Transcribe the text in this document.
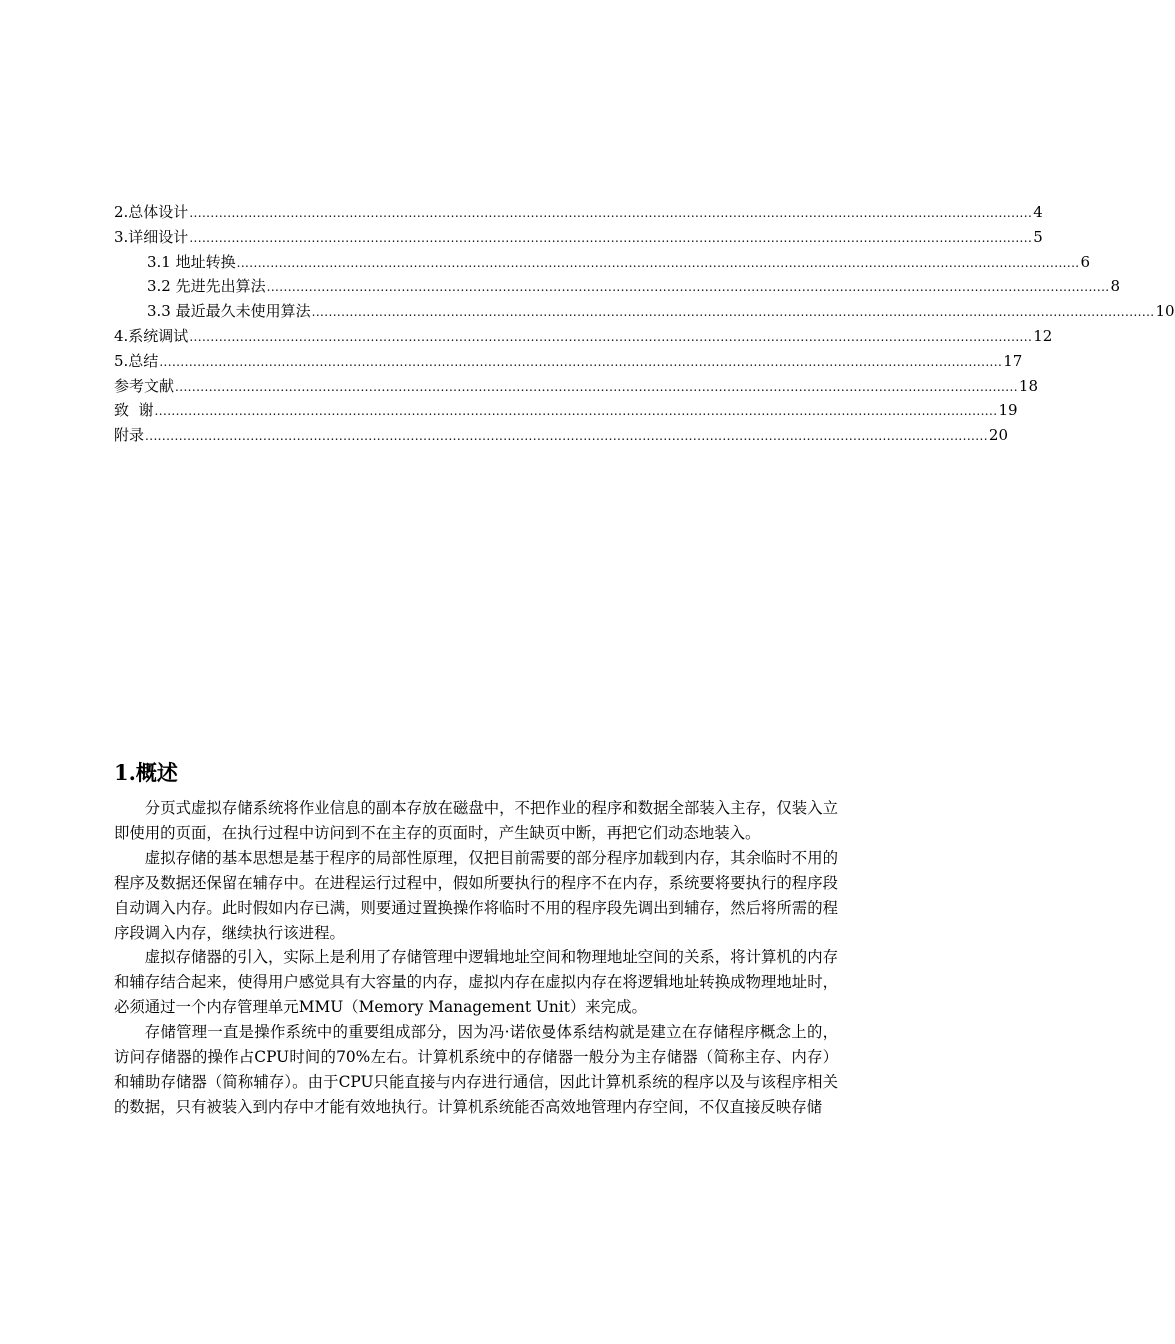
2.总体设计 ........................................................................................................................................................................................................ 4
3.详细设计 ........................................................................................................................................................................................................ 5
3.1 地址转换 ........................................................................................................................................................................................................ 6
3.2 先进先出算法 ........................................................................................................................................................................................................ 8
3.3 最近最久未使用算法 ........................................................................................................................................................................................................ 10
4.系统调试 ........................................................................................................................................................................................................ 12
5.总结 ........................................................................................................................................................................................................ 17
参考文献 ........................................................................................................................................................................................................ 18
致  谢 ........................................................................................................................................................................................................ 19
附录 ........................................................................................................................................................................................................ 20
1.概述

分页式虚拟存储系统将作业信息的副本存放在磁盘中，不把作业的程序和数据全部装入主存，仅装入立即使用的页面，在执行过程中访问到不在主存的页面时，产生缺页中断，再把它们动态地装入。

虚拟存储的基本思想是基于程序的局部性原理，仅把目前需要的部分程序加载到内存，其余临时不用的程序及数据还保留在辅存中。在进程运行过程中，假如所要执行的程序不在内存，系统要将要执行的程序段自动调入内存。此时假如内存已满，则要通过置换操作将临时不用的程序段先调出到辅存，然后将所需的程序段调入内存，继续执行该进程。

虚拟存储器的引入，实际上是利用了存储管理中逻辑地址空间和物理地址空间的关系，将计算机的内存和辅存结合起来，使得用户感觉具有大容量的内存，虚拟内存在虚拟内存在将逻辑地址转换成物理地址时，必须通过一个内存管理单元MMU（Memory Management Unit）来完成。

存储管理一直是操作系统中的重要组成部分，因为冯·诺依曼体系结构就是建立在存储程序概念上的，访问存储器的操作占CPU时间的70%左右。计算机系统中的存储器一般分为主存储器（简称主存、内存）和辅助存储器（简称辅存）。由于CPU只能直接与内存进行通信，因此计算机系统的程序以及与该程序相关的数据，只有被装入到内存中才能有效地执行。计算机系统能否高效地管理内存空间，不仅直接反映存储
